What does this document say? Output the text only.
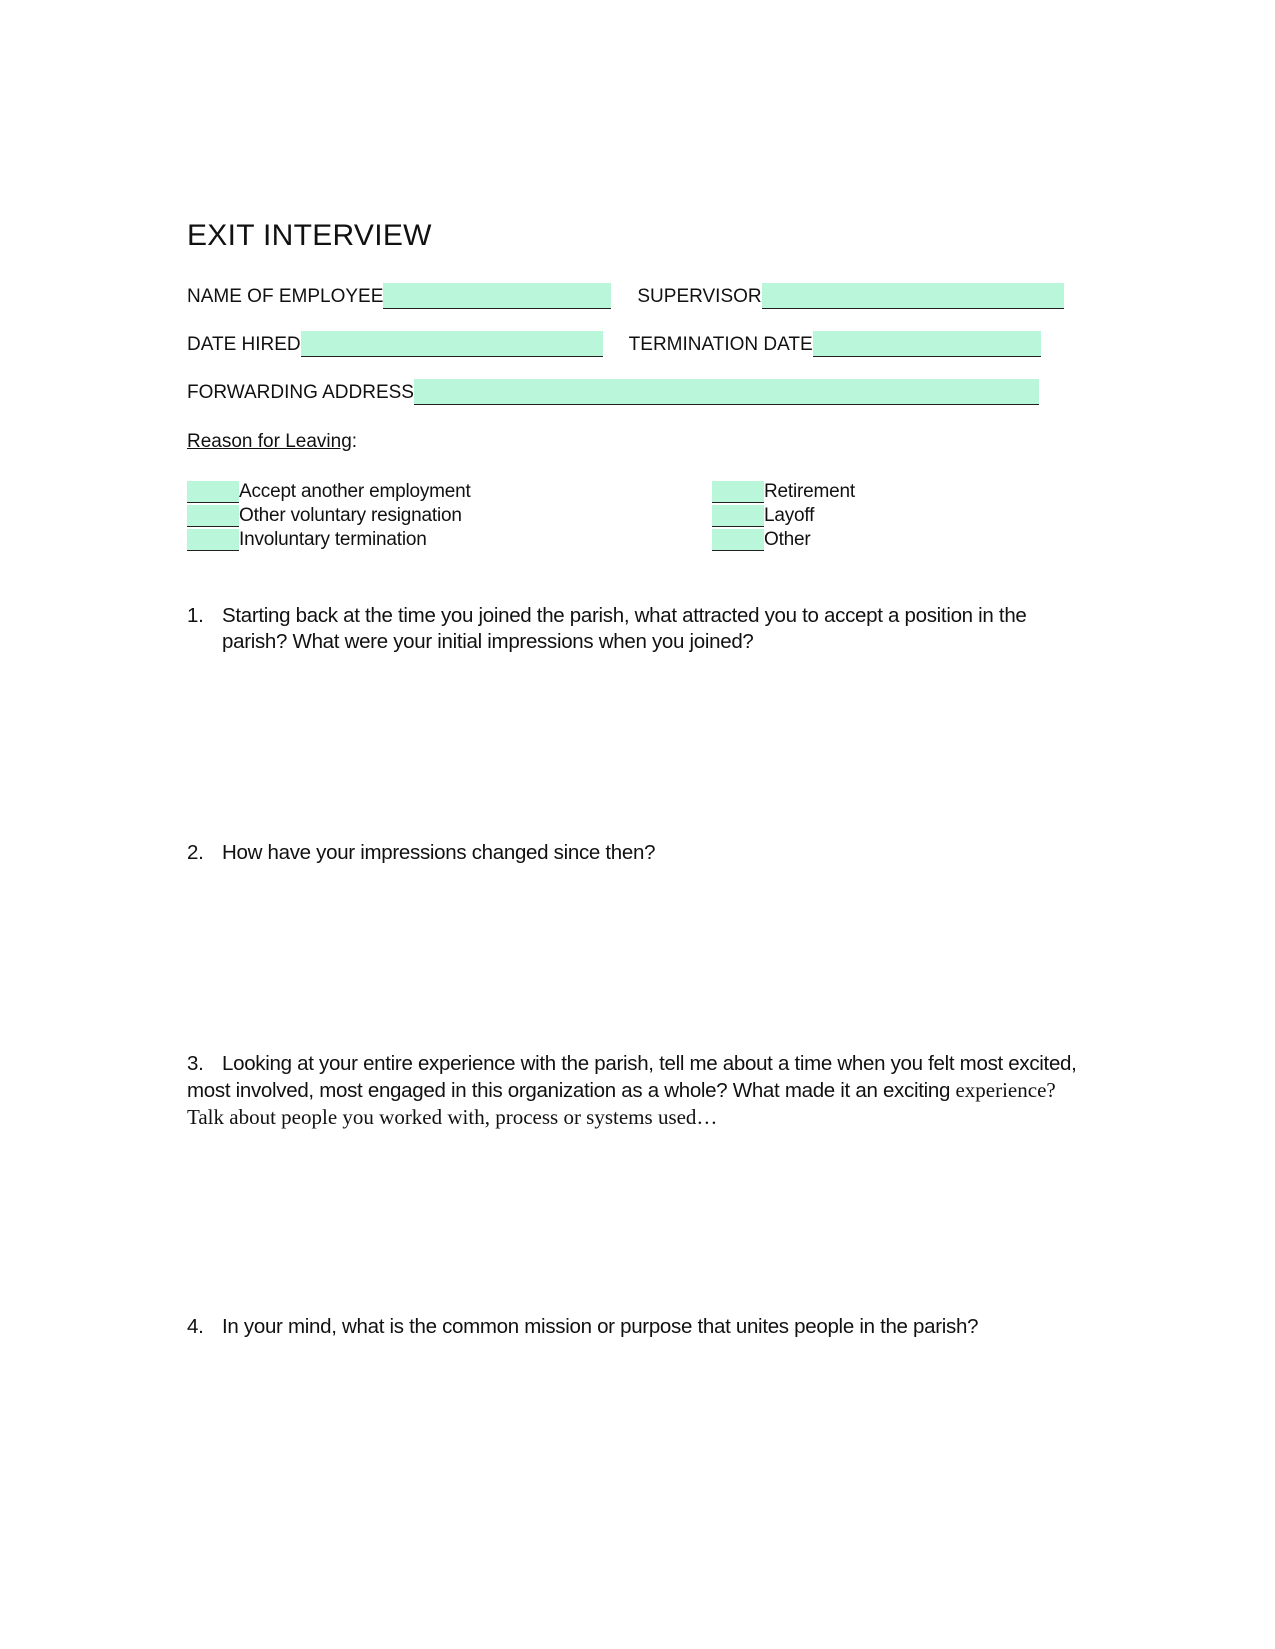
EXIT INTERVIEW
NAME OF EMPLOYEE	SUPERVISOR
DATE HIRED	TERMINATION DATE
FORWARDING ADDRESS
Reason for Leaving:
Accept another employment
Other voluntary resignation
Involuntary termination
Retirement
Layoff
Other
1. Starting back at the time you joined the parish, what attracted you to accept a position in the parish? What were your initial impressions when you joined?
2. How have your impressions changed since then?
3. Looking at your entire experience with the parish, tell me about a time when you felt most excited, most involved, most engaged in this organization as a whole? What made it an exciting experience? Talk about people you worked with, process or systems used…
4. In your mind, what is the common mission or purpose that unites people in the parish?
